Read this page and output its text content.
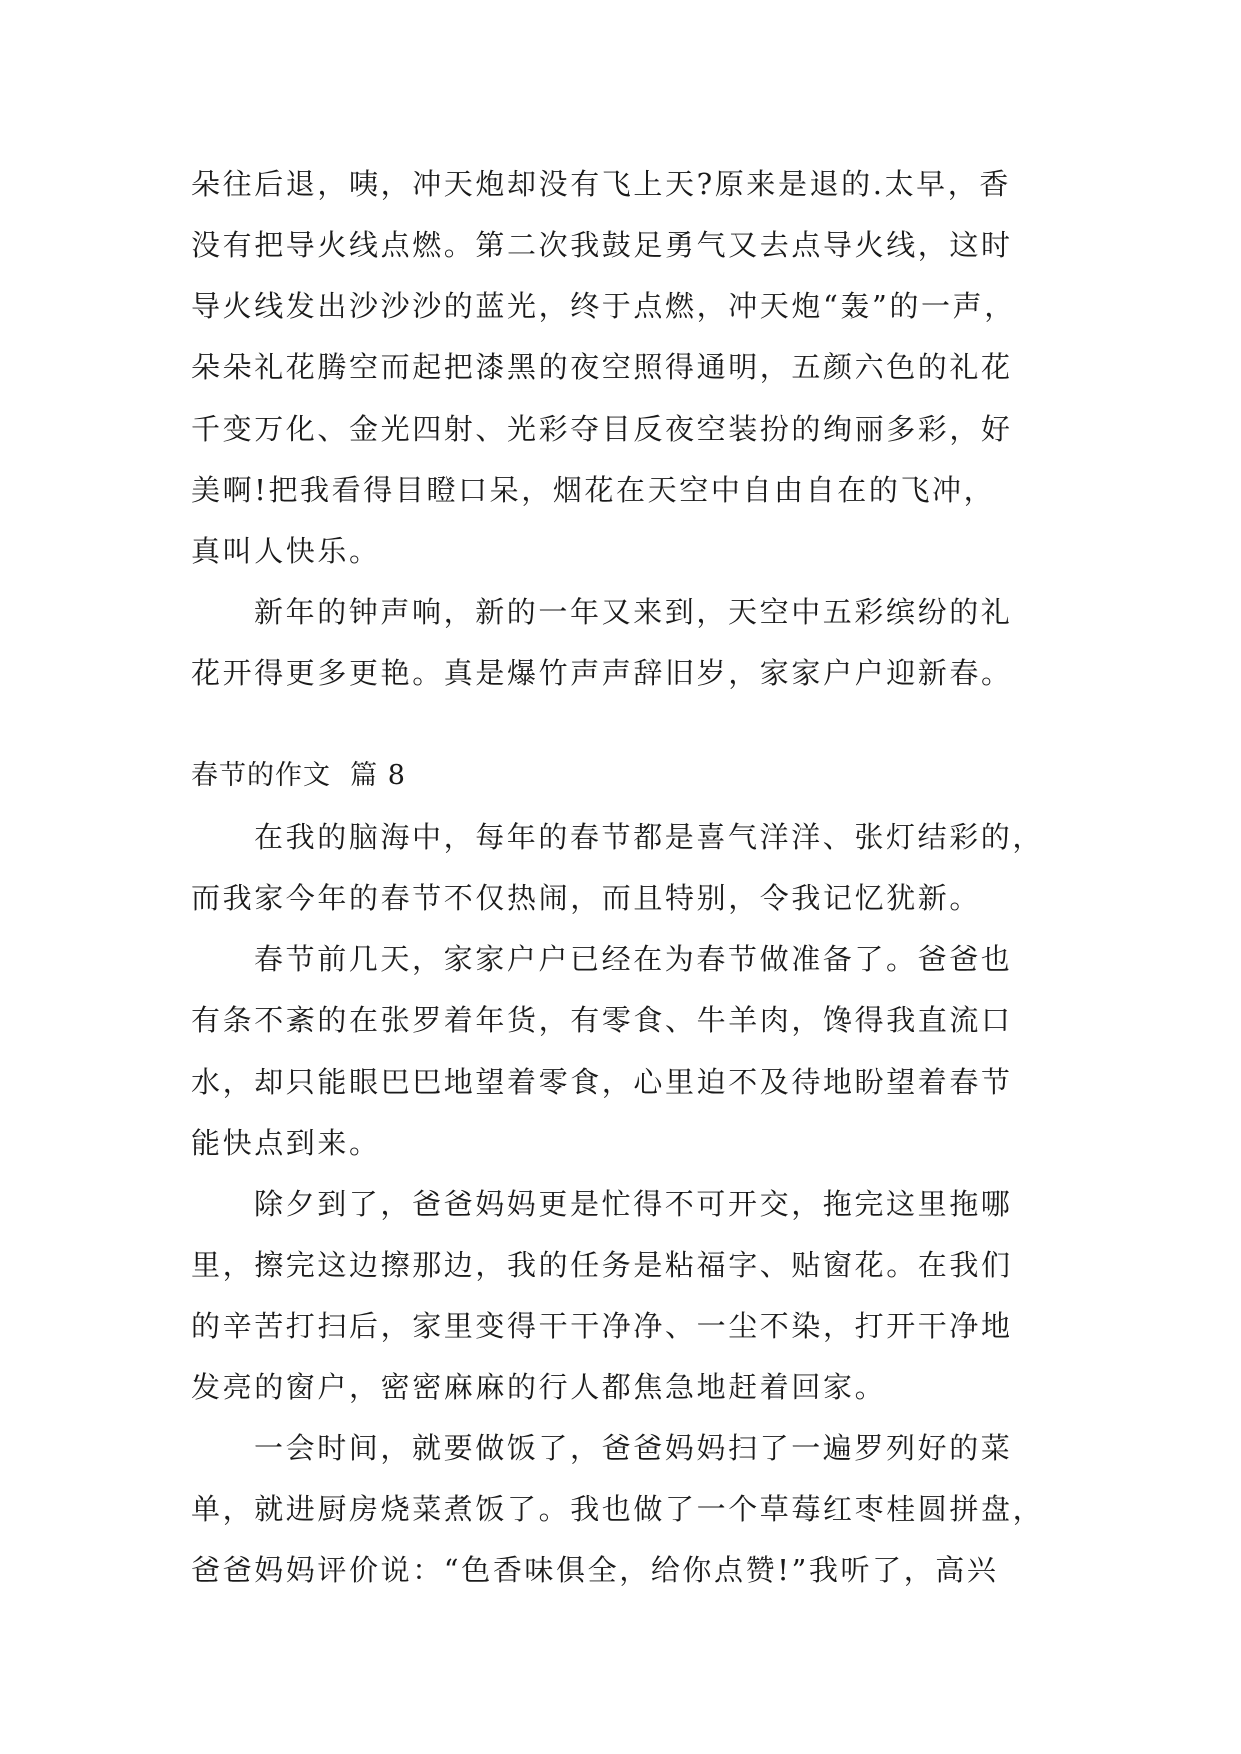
朵往后退，咦，冲天炮却没有飞上天?原来是退的.太早，香

没有把导火线点燃。第二次我鼓足勇气又去点导火线，这时

导火线发出沙沙沙的蓝光，终于点燃，冲天炮“轰”的一声，

朵朵礼花腾空而起把漆黑的夜空照得通明，五颜六色的礼花

千变万化、金光四射、光彩夺目反夜空装扮的绚丽多彩，好

美啊!把我看得目瞪口呆，烟花在天空中自由自在的飞冲，

真叫人快乐。

新年的钟声响，新的一年又来到，天空中五彩缤纷的礼

花开得更多更艳。真是爆竹声声辞旧岁，家家户户迎新春。

春节的作文  篇 8

在我的脑海中，每年的春节都是喜气洋洋、张灯结彩的，

而我家今年的春节不仅热闹，而且特别，令我记忆犹新。

春节前几天，家家户户已经在为春节做准备了。爸爸也

有条不紊的在张罗着年货，有零食、牛羊肉，馋得我直流口

水，却只能眼巴巴地望着零食，心里迫不及待地盼望着春节

能快点到来。

除夕到了，爸爸妈妈更是忙得不可开交，拖完这里拖哪

里，擦完这边擦那边，我的任务是粘福字、贴窗花。在我们

的辛苦打扫后，家里变得干干净净、一尘不染，打开干净地

发亮的窗户，密密麻麻的行人都焦急地赶着回家。

一会时间，就要做饭了，爸爸妈妈扫了一遍罗列好的菜

单，就进厨房烧菜煮饭了。我也做了一个草莓红枣桂圆拼盘，

爸爸妈妈评价说：“色香味俱全，给你点赞!”我听了，高兴
